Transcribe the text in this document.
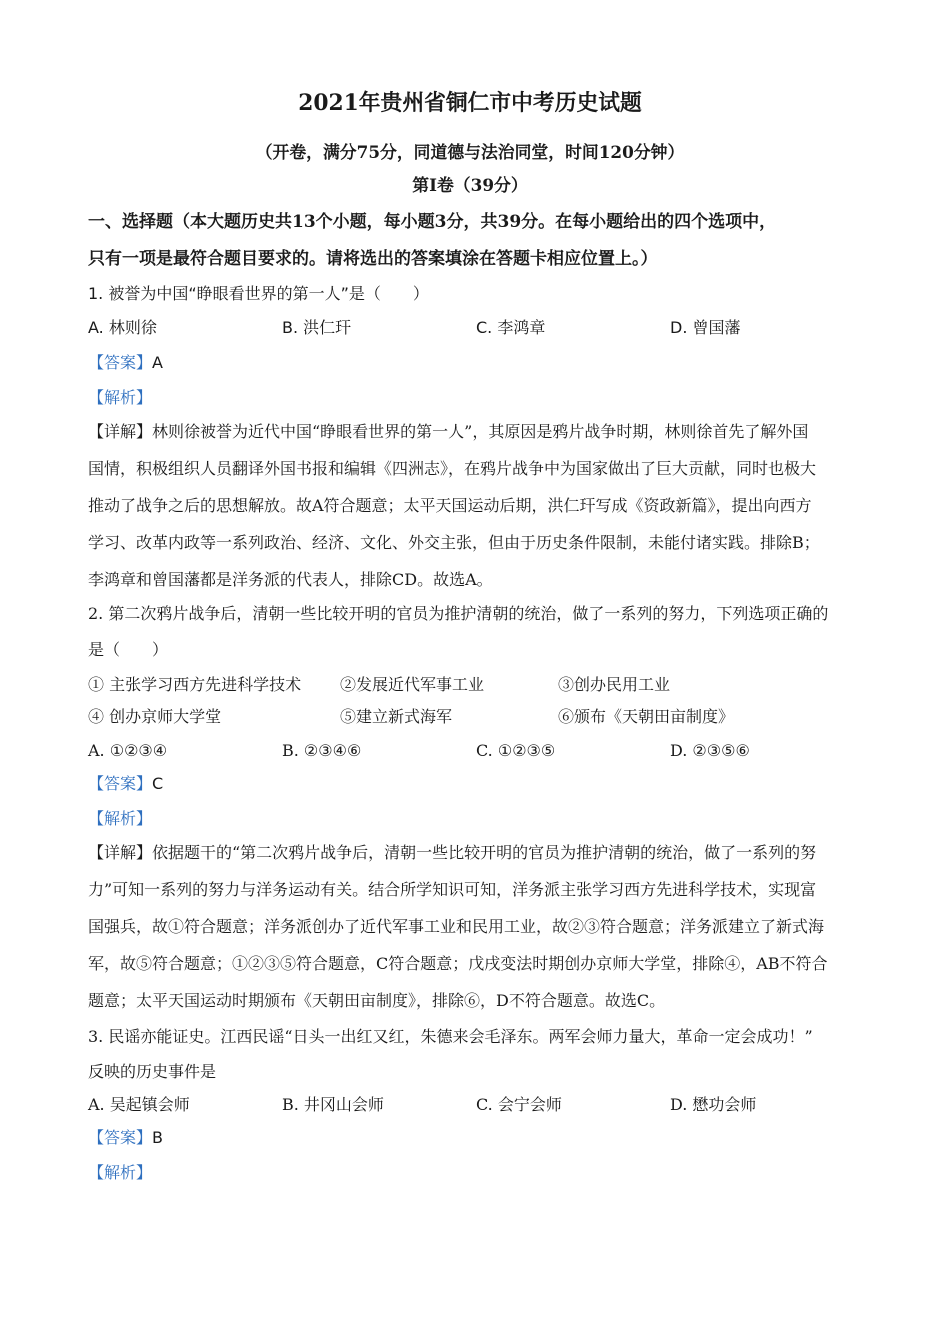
2021年贵州省铜仁市中考历史试题
（开卷，满分75分，同道德与法治同堂，时间120分钟）
第Ⅰ卷（39分）
一、选择题（本大题历史共13个小题，每小题3分，共39分。在每小题给出的四个选项中，
只有一项是最符合题目要求的。请将选出的答案填涂在答题卡相应位置上。）
1. 被誉为中国“睁眼看世界的第一人”是（　　）
A. 林则徐	B. 洪仁玕	C. 李鸿章	D. 曾国藩
【答案】A
【解析】
【详解】林则徐被誉为近代中国“睁眼看世界的第一人”，其原因是鸦片战争时期，林则徐首先了解外国
国情，积极组织人员翻译外国书报和编辑《四洲志》，在鸦片战争中为国家做出了巨大贡献，同时也极大
推动了战争之后的思想解放。故A符合题意；太平天国运动后期，洪仁玕写成《资政新篇》，提出向西方
学习、改革内政等一系列政治、经济、文化、外交主张，但由于历史条件限制，未能付诸实践。排除B；
李鸿章和曾国藩都是洋务派的代表人，排除CD。故选A。
2. 第二次鸦片战争后，清朝一些比较开明的官员为推护清朝的统治，做了一系列的努力，下列选项正确的
是（　　）
① 主张学习西方先进科学技术 ②发展近代军事工业	③创办民用工业
④ 创办京师大学堂	⑤建立新式海军	⑥颁布《天朝田亩制度》
A. ①②③④	B. ②③④⑥	C. ①②③⑤	D. ②③⑤⑥
【答案】C
【解析】
【详解】依据题干的“第二次鸦片战争后，清朝一些比较开明的官员为推护清朝的统治，做了一系列的努
力”可知一系列的努力与洋务运动有关。结合所学知识可知，洋务派主张学习西方先进科学技术，实现富
国强兵，故①符合题意；洋务派创办了近代军事工业和民用工业，故②③符合题意；洋务派建立了新式海
军，故⑤符合题意；①②③⑤符合题意，C符合题意；戊戌变法时期创办京师大学堂，排除④，AB不符合
题意；太平天国运动时期颁布《天朝田亩制度》，排除⑥，D不符合题意。故选C。
3. 民谣亦能证史。江西民谣“日头一出红又红，朱德来会毛泽东。两军会师力量大，革命一定会成功！”
反映的历史事件是
A. 吴起镇会师	B. 井冈山会师	C. 会宁会师	D. 懋功会师
【答案】B
【解析】
